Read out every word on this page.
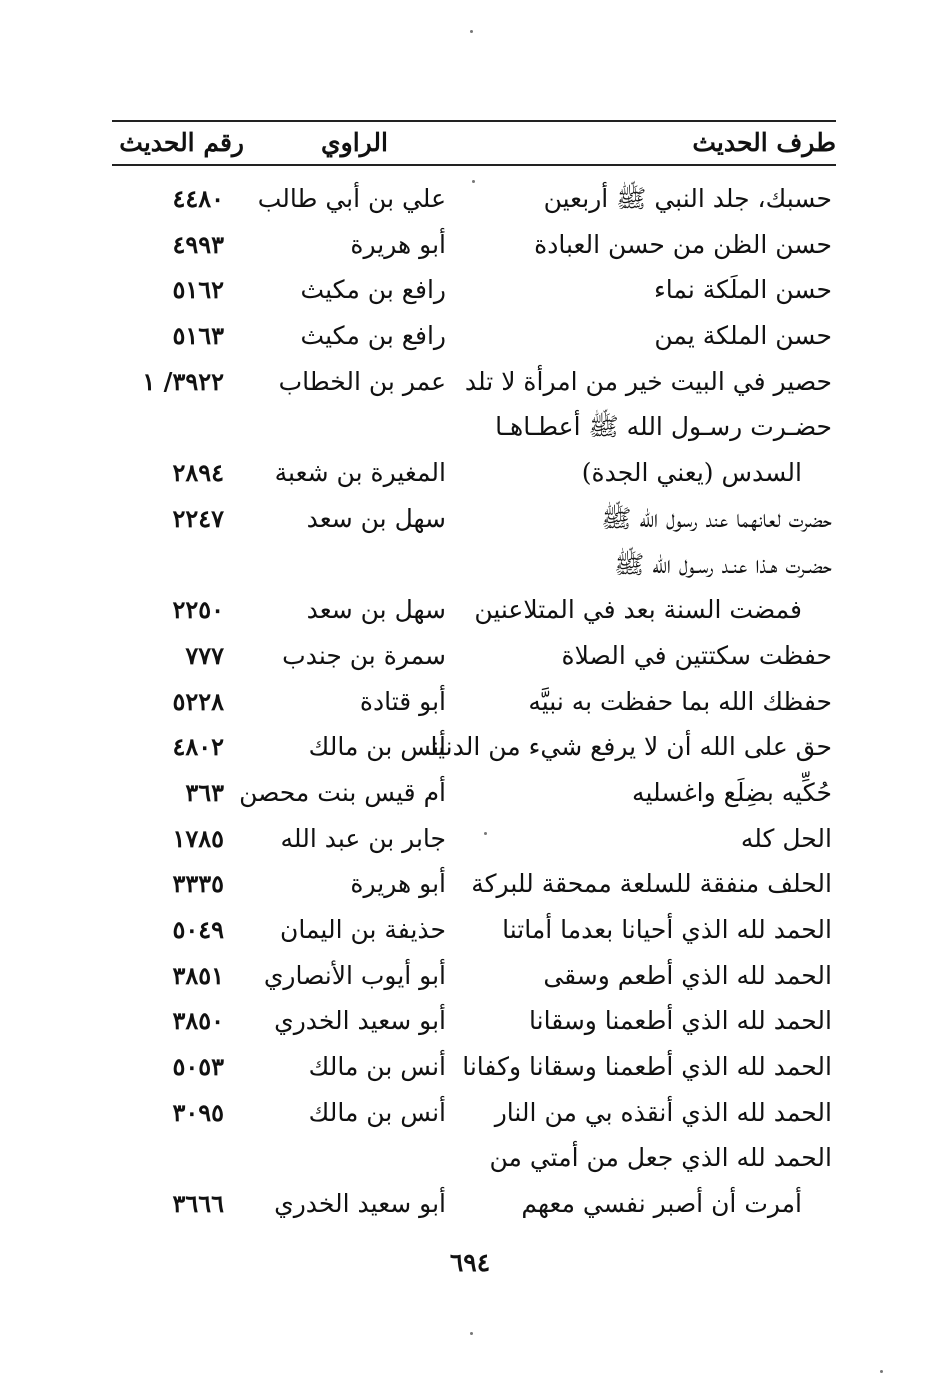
طرف الحديث
الراوي
رقم الحديث
حسبك، جلد النبي ﷺ أربعين
علي بن أبي طالب
٤٤٨٠
حسن الظن من حسن العبادة
أبو هريرة
٤٩٩٣
حسن الملَكة نماء
رافع بن مكيث
٥١٦٢
حسن الملكة يمن
رافع بن مكيث
٥١٦٣
حصير في البيت خير من امرأة لا تلد
عمر بن الخطاب
٣٩٢٢/ ١
حضـرت رسـول الله ﷺ أعطـاهـا
السدس (يعني الجدة)
المغيرة بن شعبة
٢٨٩٤
حضرت لعانهما عند رسول الله ﷺ
سهل بن سعد
٢٢٤٧
حضـرت هـذا عنـد رسـول الله ﷺ
فمضت السنة بعد في المتلاعنين
سهل بن سعد
٢٢٥٠
حفظت سكتتين في الصلاة
سمرة بن جندب
٧٧٧
حفظك الله بما حفظت به نبيَّه
أبو قتادة
٥٢٢٨
حق على الله أن لا يرفع شيء من الدنيا
أنس بن مالك
٤٨٠٢
حُكِّيه بضِلَع واغسليه
أم قيس بنت محصن
٣٦٣
الحل كله
جابر بن عبد الله
١٧٨٥
الحلف منفقة للسلعة ممحقة للبركة
أبو هريرة
٣٣٣٥
الحمد لله الذي أحيانا بعدما أماتنا
حذيفة بن اليمان
٥٠٤٩
الحمد لله الذي أطعم وسقى
أبو أيوب الأنصاري
٣٨٥١
الحمد لله الذي أطعمنا وسقانا
أبو سعيد الخدري
٣٨٥٠
الحمد لله الذي أطعمنا وسقانا وكفانا
أنس بن مالك
٥٠٥٣
الحمد لله الذي أنقذه بي من النار
أنس بن مالك
٣٠٩٥
الحمد لله الذي جعل من أمتي من
أمرت أن أصبر نفسي معهم
أبو سعيد الخدري
٣٦٦٦
٦٩٤
